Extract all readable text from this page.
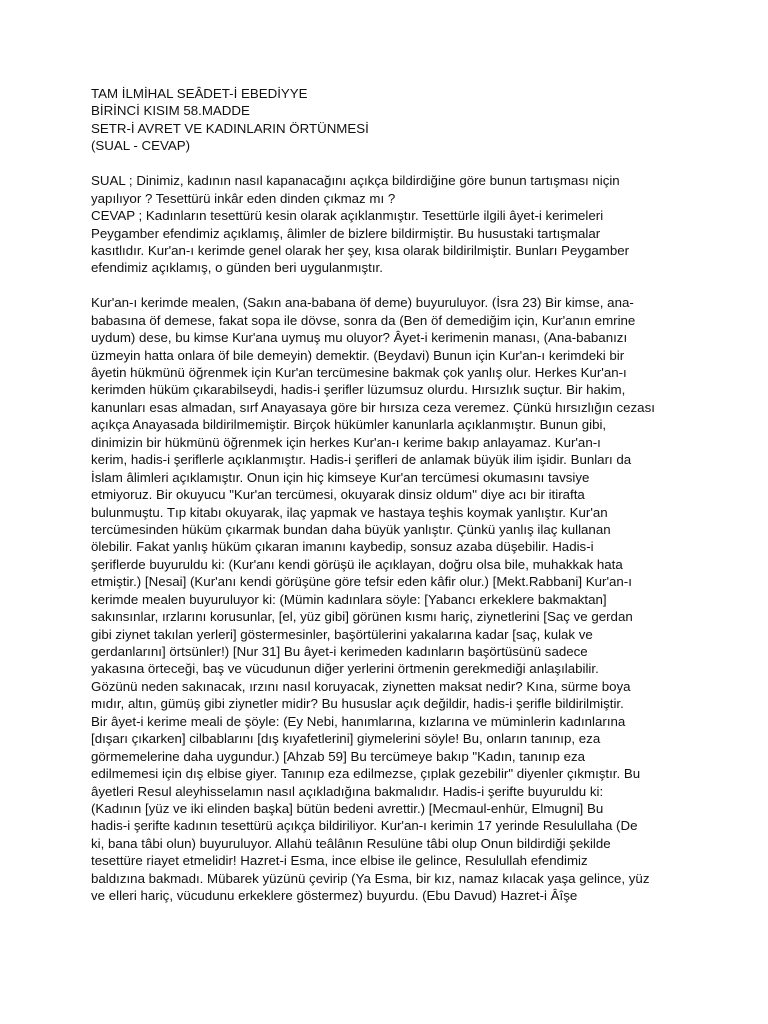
TAM İLMİHAL SEÂDET-İ EBEDİYYE
BİRİNCİ KISIM 58.MADDE
SETR-İ AVRET VE KADINLARIN ÖRTÜNMESİ
(SUAL - CEVAP)
SUAL ; Dinimiz, kadının nasıl kapanacağını açıkça bildirdiğine göre bunun tartışması niçin
yapılıyor ? Tesettürü inkâr eden dinden çıkmaz mı ?
CEVAP ; Kadınların tesettürü kesin olarak açıklanmıştır. Tesettürle ilgili âyet-i kerimeleri
Peygamber efendimiz açıklamış, âlimler de bizlere bildirmiştir. Bu husustaki tartışmalar
kasıtlıdır. Kur'an-ı kerimde genel olarak her şey, kısa olarak bildirilmiştir. Bunları Peygamber
efendimiz açıklamış, o günden beri uygulanmıştır.
Kur'an-ı kerimde mealen, (Sakın ana-babana öf deme) buyuruluyor. (İsra 23) Bir kimse, ana-
babasına öf demese, fakat sopa ile dövse, sonra da (Ben öf demediğim için, Kur'anın emrine
uydum) dese, bu kimse Kur'ana uymuş mu oluyor? Âyet-i kerimenin manası, (Ana-babanızı
üzmeyin hatta onlara öf bile demeyin) demektir. (Beydavi) Bunun için Kur'an-ı kerimdeki bir
âyetin hükmünü öğrenmek için Kur'an tercümesine bakmak çok yanlış olur. Herkes Kur'an-ı
kerimden hüküm çıkarabilseydi, hadis-i şerifler lüzumsuz olurdu. Hırsızlık suçtur. Bir hakim,
kanunları esas almadan, sırf Anayasaya göre bir hırsıza ceza veremez. Çünkü hırsızlığın cezası
açıkça Anayasada bildirilmemiştir. Birçok hükümler kanunlarla açıklanmıştır. Bunun gibi,
dinimizin bir hükmünü öğrenmek için herkes Kur'an-ı kerime bakıp anlayamaz. Kur'an-ı
kerim, hadis-i şeriflerle açıklanmıştır. Hadis-i şerifleri de anlamak büyük ilim işidir. Bunları da
İslam âlimleri açıklamıştır. Onun için hiç kimseye Kur'an tercümesi okumasını tavsiye
etmiyoruz. Bir okuyucu "Kur'an tercümesi, okuyarak dinsiz oldum" diye acı bir itirafta
bulunmuştu. Tıp kitabı okuyarak, ilaç yapmak ve hastaya teşhis koymak yanlıştır. Kur'an
tercümesinden hüküm çıkarmak bundan daha büyük yanlıştır. Çünkü yanlış ilaç kullanan
ölebilir. Fakat yanlış hüküm çıkaran imanını kaybedip, sonsuz azaba düşebilir. Hadis-i
şeriflerde buyuruldu ki: (Kur'anı kendi görüşü ile açıklayan, doğru olsa bile, muhakkak hata
etmiştir.) [Nesai] (Kur'anı kendi görüşüne göre tefsir eden kâfir olur.) [Mekt.Rabbani] Kur'an-ı
kerimde mealen buyuruluyor ki: (Mümin kadınlara söyle: [Yabancı erkeklere bakmaktan]
sakınsınlar, ırzlarını korusunlar, [el, yüz gibi] görünen kısmı hariç, ziynetlerini [Saç ve gerdan
gibi ziynet takılan yerleri] göstermesinler, başörtülerini yakalarına kadar [saç, kulak ve
gerdanlarını] örtsünler!) [Nur 31] Bu âyet-i kerimeden kadınların başörtüsünü sadece
yakasına örteceği, baş ve vücudunun diğer yerlerini örtmenin gerekmediği anlaşılabilir.
Gözünü neden sakınacak, ırzını nasıl koruyacak, ziynetten maksat nedir? Kına, sürme boya
mıdır, altın, gümüş gibi ziynetler midir? Bu hususlar açık değildir, hadis-i şerifle bildirilmiştir.
Bir âyet-i kerime meali de şöyle: (Ey Nebi, hanımlarına, kızlarına ve müminlerin kadınlarına
[dışarı çıkarken] cilbablarını [dış kıyafetlerini] giymelerini söyle! Bu, onların tanınıp, eza
görmemelerine daha uygundur.) [Ahzab 59] Bu tercümeye bakıp "Kadın, tanınıp eza
edilmemesi için dış elbise giyer. Tanınıp eza edilmezse, çıplak gezebilir" diyenler çıkmıştır. Bu
âyetleri Resul aleyhisselamın nasıl açıkladığına bakmalıdır. Hadis-i şerifte buyuruldu ki:
(Kadının [yüz ve iki elinden başka] bütün bedeni avrettir.) [Mecmaul-enhür, Elmugni] Bu
hadis-i şerifte kadının tesettürü açıkça bildiriliyor. Kur'an-ı kerimin 17 yerinde Resulullaha (De
ki, bana tâbi olun) buyuruluyor. Allahü teâlânın Resulüne tâbi olup Onun bildirdiği şekilde
tesettüre riayet etmelidir! Hazret-i Esma, ince elbise ile gelince, Resulullah efendimiz
baldızına bakmadı. Mübarek yüzünü çevirip (Ya Esma, bir kız, namaz kılacak yaşa gelince, yüz
ve elleri hariç, vücudunu erkeklere göstermez) buyurdu. (Ebu Davud) Hazret-i Âîşe
